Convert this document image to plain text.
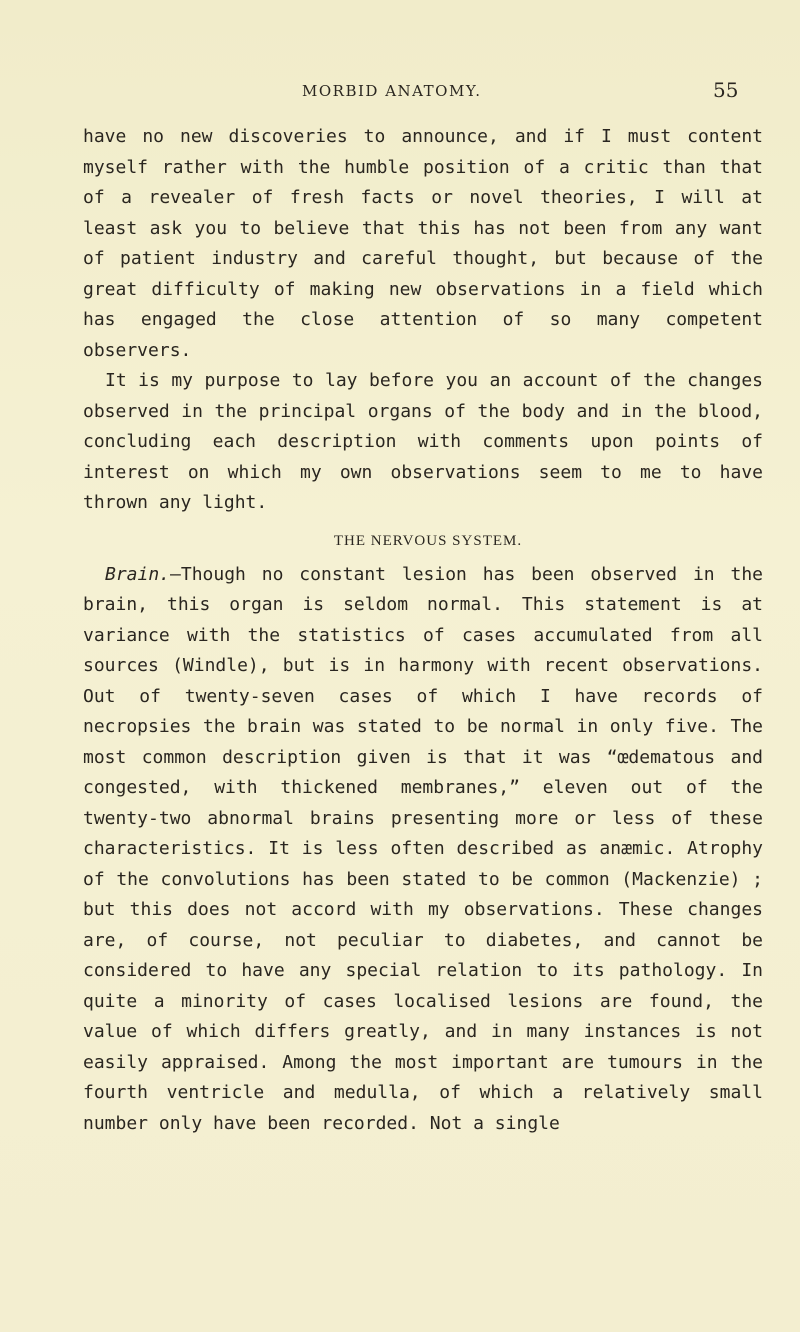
MORBID ANATOMY.	55

have no new discoveries to announce, and if I must content myself rather with the humble position of a critic than that of a revealer of fresh facts or novel theories, I will at least ask you to believe that this has not been from any want of patient industry and careful thought, but because of the great difficulty of making new observations in a field which has engaged the close attention of so many competent observers.

It is my purpose to lay before you an account of the changes observed in the principal organs of the body and in the blood, concluding each description with comments upon points of interest on which my own observations seem to me to have thrown any light.

THE NERVOUS SYSTEM.

Brain.—Though no constant lesion has been observed in the brain, this organ is seldom normal. This statement is at variance with the statistics of cases accumulated from all sources (Windle), but is in harmony with recent observations. Out of twenty-seven cases of which I have records of necropsies the brain was stated to be normal in only five. The most common description given is that it was “œdematous and congested, with thickened membranes,” eleven out of the twenty-two abnormal brains presenting more or less of these characteristics. It is less often described as anæmic. Atrophy of the convolutions has been stated to be common (Mackenzie) ; but this does not accord with my observations. These changes are, of course, not peculiar to diabetes, and cannot be considered to have any special relation to its pathology. In quite a minority of cases localised lesions are found, the value of which differs greatly, and in many instances is not easily appraised. Among the most important are tumours in the fourth ventricle and medulla, of which a relatively small number only have been recorded. Not a single
